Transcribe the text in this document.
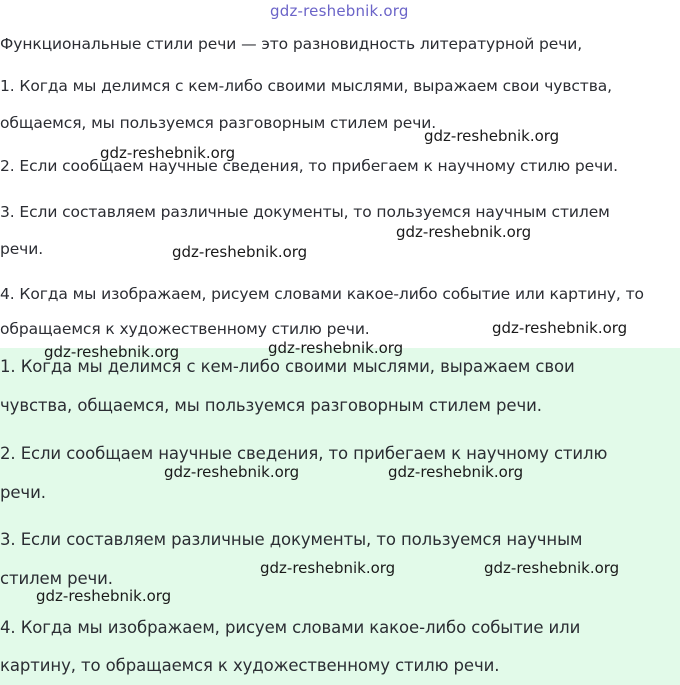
gdz-reshebnik.org
Функциональные стили речи — это разновидность литературной речи,
1. Когда мы делимся с кем-либо своими мыслями, выражаем свои чувства,
общаемся, мы пользуемся разговорным стилем речи.
2. Если сообщаем научные сведения, то прибегаем к научному стилю речи.
3. Если составляем различные документы, то пользуемся научным стилем
речи.
4. Когда мы изображаем, рисуем словами какое-либо событие или картину, то
обращаемся к художественному стилю речи.
1. Когда мы делимся с кем-либо своими мыслями, выражаем свои
чувства, общаемся, мы пользуемся разговорным стилем речи.
2. Если сообщаем научные сведения, то прибегаем к научному стилю
речи.
3. Если составляем различные документы, то пользуемся научным
стилем речи.
4. Когда мы изображаем, рисуем словами какое-либо событие или
картину, то обращаемся к художественному стилю речи.
gdz-reshebnik.org
gdz-reshebnik.org
gdz-reshebnik.org
gdz-reshebnik.org
gdz-reshebnik.org
gdz-reshebnik.org
gdz-reshebnik.org
gdz-reshebnik.org	gdz-reshebnik.org
gdz-reshebnik.org	gdz-reshebnik.org
gdz-reshebnik.org
